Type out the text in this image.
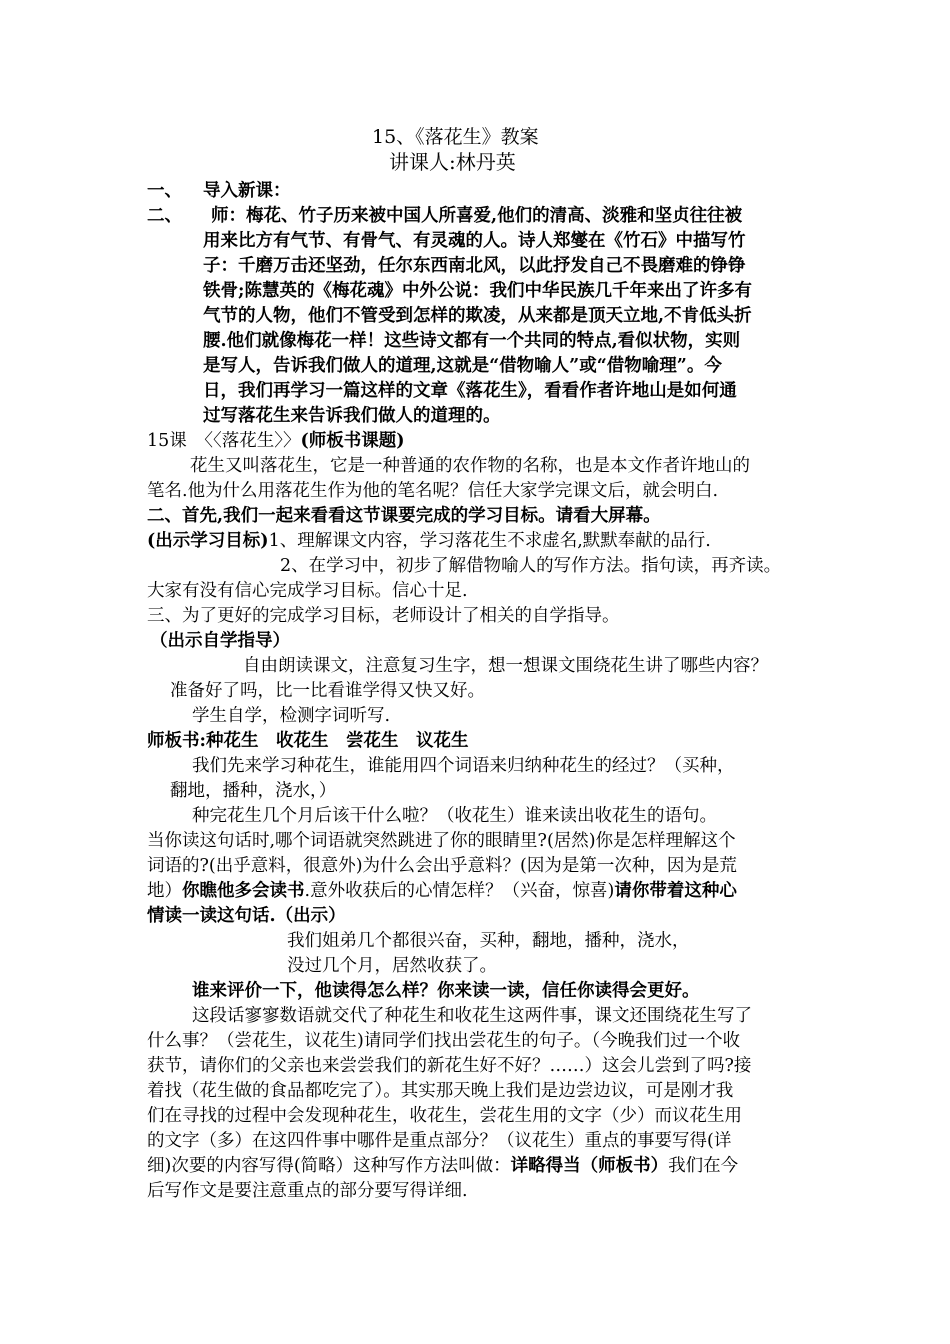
15、《落花生》教案
讲课人:林丹英
一、 导入新课：
二、 师：梅花、竹子历来被中国人所喜爱,他们的清高、淡雅和坚贞往往被
用来比方有气节、有骨气、有灵魂的人。诗人郑燮在《竹石》中描写竹
子：千磨万击还坚劲，任尔东西南北风，以此抒发自己不畏磨难的铮铮
铁骨;陈慧英的《梅花魂》中外公说：我们中华民族几千年来出了许多有
气节的人物，他们不管受到怎样的欺凌，从来都是顶天立地,不肯低头折
腰.他们就像梅花一样！这些诗文都有一个共同的特点,看似状物，实则
是写人，告诉我们做人的道理,这就是“借物喻人”或“借物喻理”。今
日，我们再学习一篇这样的文章《落花生》，看看作者许地山是如何通
过写落花生来告诉我们做人的道理的。
15课　〈〈落花生〉〉(师板书课题)
花生又叫落花生，它是一种普通的农作物的名称，也是本文作者许地山的
笔名.他为什么用落花生作为他的笔名呢？信任大家学完课文后，就会明白.
二、首先,我们一起来看看这节课要完成的学习目标。请看大屏幕。
(出示学习目标)1、理解课文内容，学习落花生不求虚名,默默奉献的品行.
2、在学习中，初步了解借物喻人的写作方法。指句读，再齐读。
大家有没有信心完成学习目标。信心十足.
三、为了更好的完成学习目标，老师设计了相关的自学指导。
（出示自学指导）
自由朗读课文，注意复习生字，想一想课文围绕花生讲了哪些内容？
准备好了吗，比一比看谁学得又快又好。
学生自学，检测字词听写.
师板书:种花生　收花生　尝花生　议花生
我们先来学习种花生，谁能用四个词语来归纳种花生的经过？（买种，
翻地，播种，浇水，）
种完花生几个月后该干什么啦？（收花生）谁来读出收花生的语句。
当你读这句话时,哪个词语就突然跳进了你的眼睛里?(居然)你是怎样理解这个
词语的?(出乎意料，很意外)为什么会出乎意料？(因为是第一次种，因为是荒
地）你瞧他多会读书.意外收获后的心情怎样？（兴奋，惊喜)请你带着这种心
情读一读这句话.（出示）
我们姐弟几个都很兴奋，买种，翻地，播种，浇水，
没过几个月，居然收获了。
谁来评价一下，他读得怎么样？你来读一读，信任你读得会更好。
这段话寥寥数语就交代了种花生和收花生这两件事，课文还围绕花生写了
什么事？（尝花生，议花生)请同学们找出尝花生的句子。（今晚我们过一个收
获节，请你们的父亲也来尝尝我们的新花生好不好？……）这会儿尝到了吗?接
着找（花生做的食品都吃完了）。其实那天晚上我们是边尝边议，可是刚才我
们在寻找的过程中会发现种花生，收花生，尝花生用的文字（少）而议花生用
的文字（多）在这四件事中哪件是重点部分？（议花生）重点的事要写得(详
细)次要的内容写得(简略）这种写作方法叫做：详略得当（师板书）我们在今
后写作文是要注意重点的部分要写得详细.
